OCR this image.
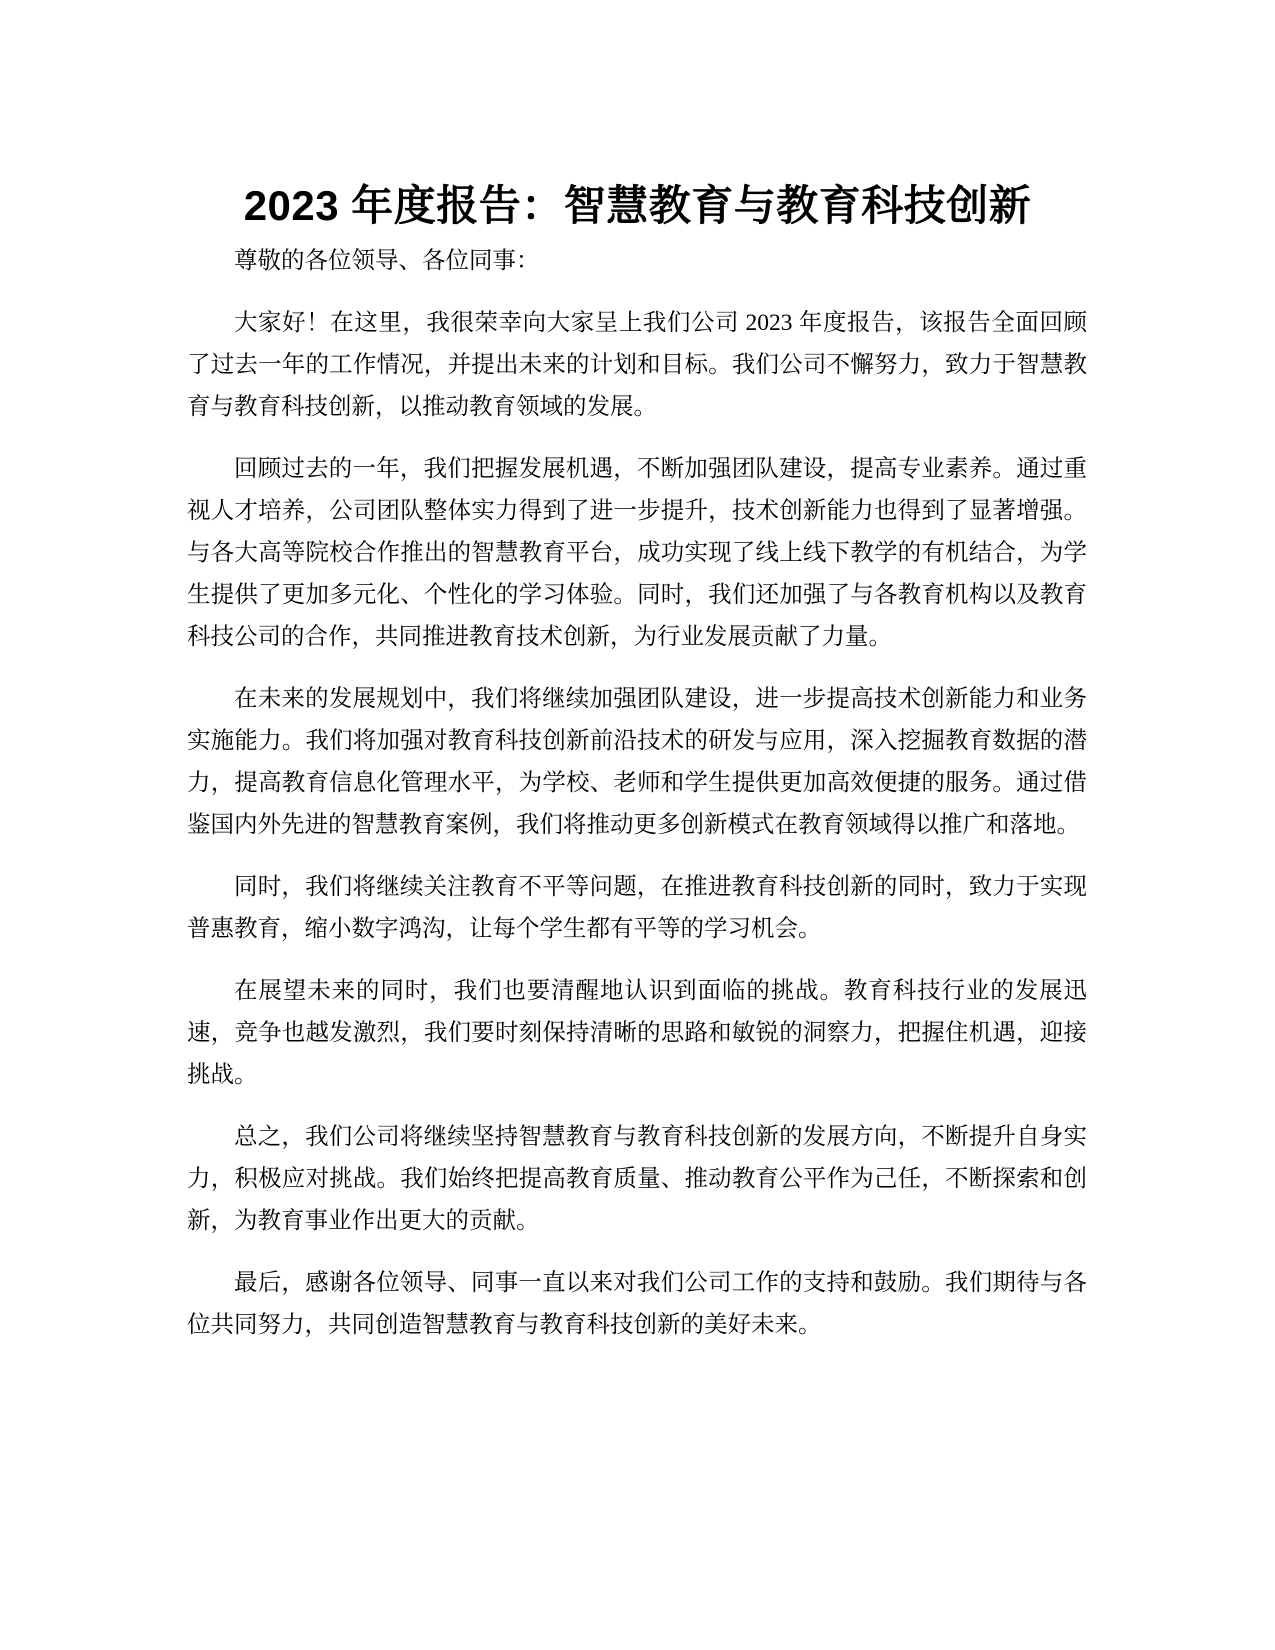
2023 年度报告：智慧教育与教育科技创新

尊敬的各位领导、各位同事：

大家好！在这里，我很荣幸向大家呈上我们公司 2023 年度报告，该报告全面回顾了过去一年的工作情况，并提出未来的计划和目标。我们公司不懈努力，致力于智慧教育与教育科技创新，以推动教育领域的发展。

回顾过去的一年，我们把握发展机遇，不断加强团队建设，提高专业素养。通过重视人才培养，公司团队整体实力得到了进一步提升，技术创新能力也得到了显著增强。与各大高等院校合作推出的智慧教育平台，成功实现了线上线下教学的有机结合，为学生提供了更加多元化、个性化的学习体验。同时，我们还加强了与各教育机构以及教育科技公司的合作，共同推进教育技术创新，为行业发展贡献了力量。

在未来的发展规划中，我们将继续加强团队建设，进一步提高技术创新能力和业务实施能力。我们将加强对教育科技创新前沿技术的研发与应用，深入挖掘教育数据的潜力，提高教育信息化管理水平，为学校、老师和学生提供更加高效便捷的服务。通过借鉴国内外先进的智慧教育案例，我们将推动更多创新模式在教育领域得以推广和落地。

同时，我们将继续关注教育不平等问题，在推进教育科技创新的同时，致力于实现普惠教育，缩小数字鸿沟，让每个学生都有平等的学习机会。

在展望未来的同时，我们也要清醒地认识到面临的挑战。教育科技行业的发展迅速，竞争也越发激烈，我们要时刻保持清晰的思路和敏锐的洞察力，把握住机遇，迎接挑战。

总之，我们公司将继续坚持智慧教育与教育科技创新的发展方向，不断提升自身实力，积极应对挑战。我们始终把提高教育质量、推动教育公平作为己任，不断探索和创新，为教育事业作出更大的贡献。

最后，感谢各位领导、同事一直以来对我们公司工作的支持和鼓励。我们期待与各位共同努力，共同创造智慧教育与教育科技创新的美好未来。
